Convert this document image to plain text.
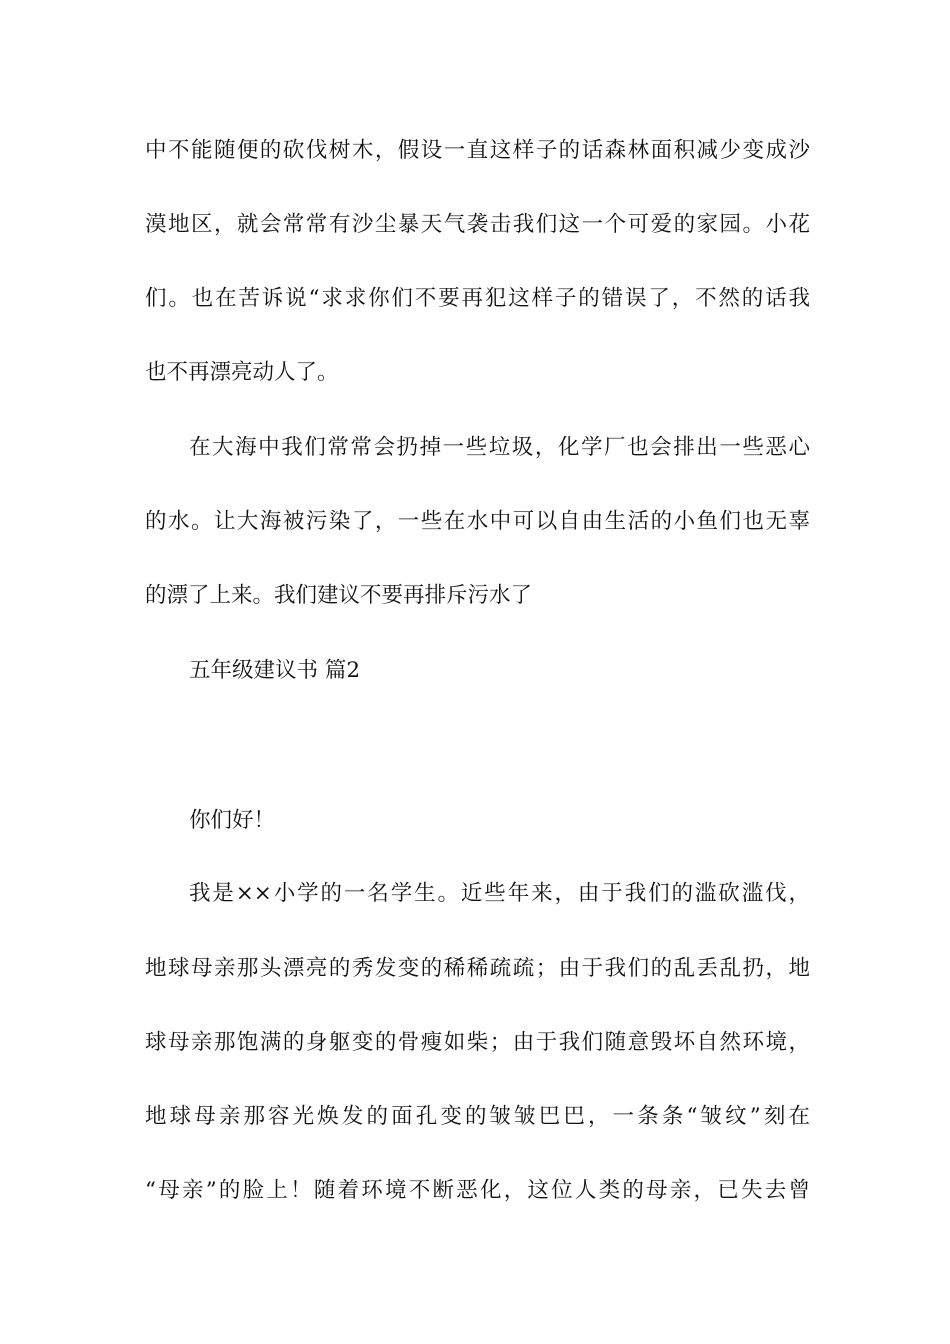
中不能随便的砍伐树木，假设一直这样子的话森林面积减少变成沙
漠地区，就会常常有沙尘暴天气袭击我们这一个可爱的家园。小花
们。也在苦诉说“求求你们不要再犯这样子的错误了，不然的话我
也不再漂亮动人了。
在大海中我们常常会扔掉一些垃圾，化学厂也会排出一些恶心
的水。让大海被污染了，一些在水中可以自由生活的小鱼们也无辜
的漂了上来。我们建议不要再排斥污水了
五年级建议书 篇2
你们好！
我是××小学的一名学生。近些年来，由于我们的滥砍滥伐，
地球母亲那头漂亮的秀发变的稀稀疏疏；由于我们的乱丢乱扔，地
球母亲那饱满的身躯变的骨瘦如柴；由于我们随意毁坏自然环境，
地球母亲那容光焕发的面孔变的皱皱巴巴，一条条“皱纹”刻在
“母亲”的脸上！随着环境不断恶化，这位人类的母亲，已失去曾
